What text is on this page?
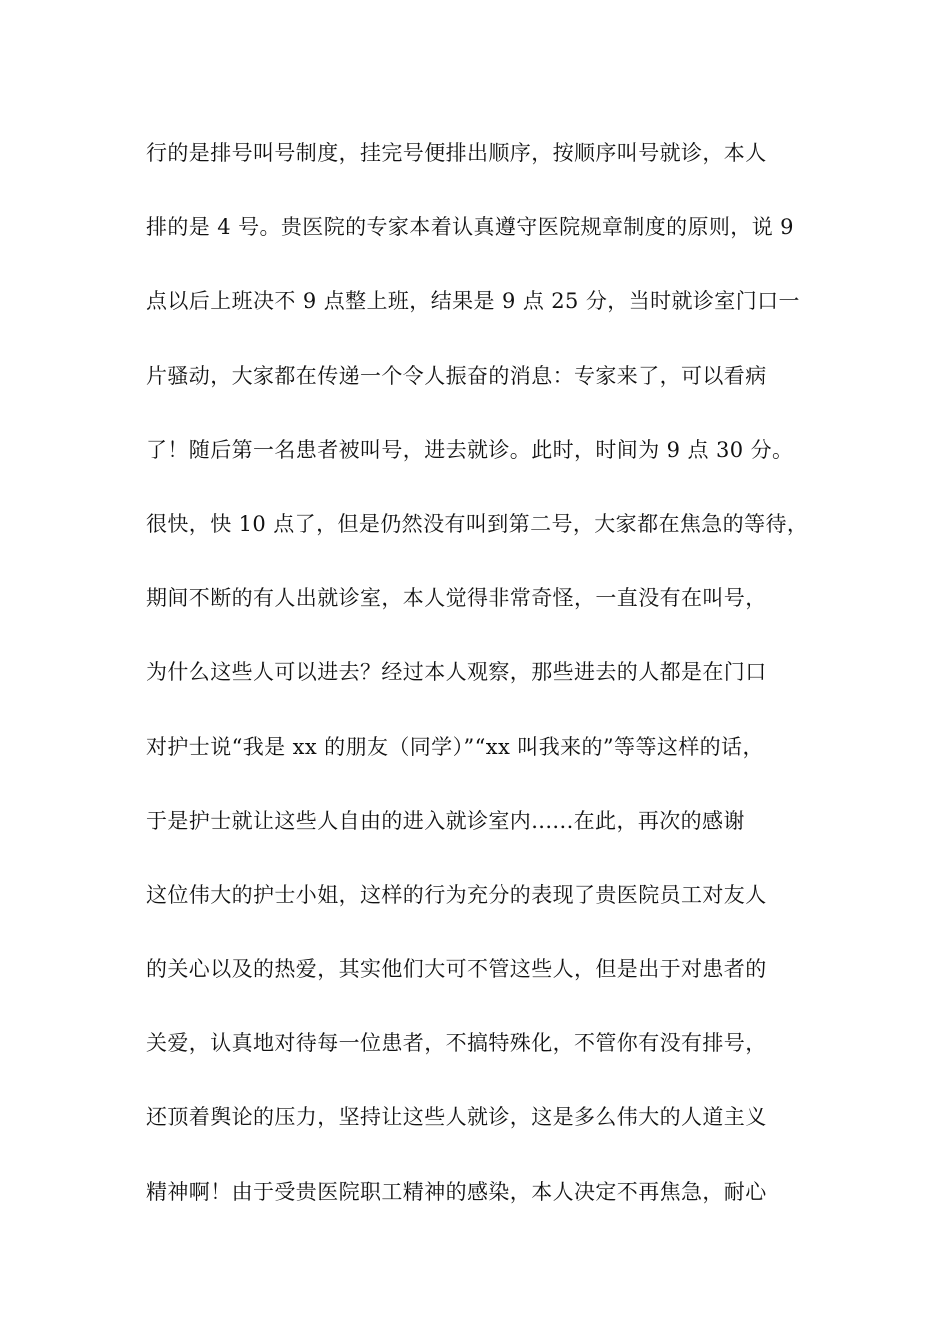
行的是排号叫号制度，挂完号便排出顺序，按顺序叫号就诊，本人
排的是 4 号。贵医院的专家本着认真遵守医院规章制度的原则，说 9
点以后上班决不 9 点整上班，结果是 9 点 25 分，当时就诊室门口一
片骚动，大家都在传递一个令人振奋的消息：专家来了，可以看病
了！随后第一名患者被叫号，进去就诊。此时，时间为 9 点 30 分。
很快，快 10 点了，但是仍然没有叫到第二号，大家都在焦急的等待，
期间不断的有人出就诊室，本人觉得非常奇怪，一直没有在叫号，
为什么这些人可以进去？经过本人观察，那些进去的人都是在门口
对护士说“我是 xx 的朋友（同学）”“xx 叫我来的”等等这样的话，
于是护士就让这些人自由的进入就诊室内......在此，再次的感谢
这位伟大的护士小姐，这样的行为充分的表现了贵医院员工对友人
的关心以及的热爱，其实他们大可不管这些人，但是出于对患者的
关爱，认真地对待每一位患者，不搞特殊化，不管你有没有排号，
还顶着舆论的压力，坚持让这些人就诊，这是多么伟大的人道主义
精神啊！由于受贵医院职工精神的感染，本人决定不再焦急，耐心
